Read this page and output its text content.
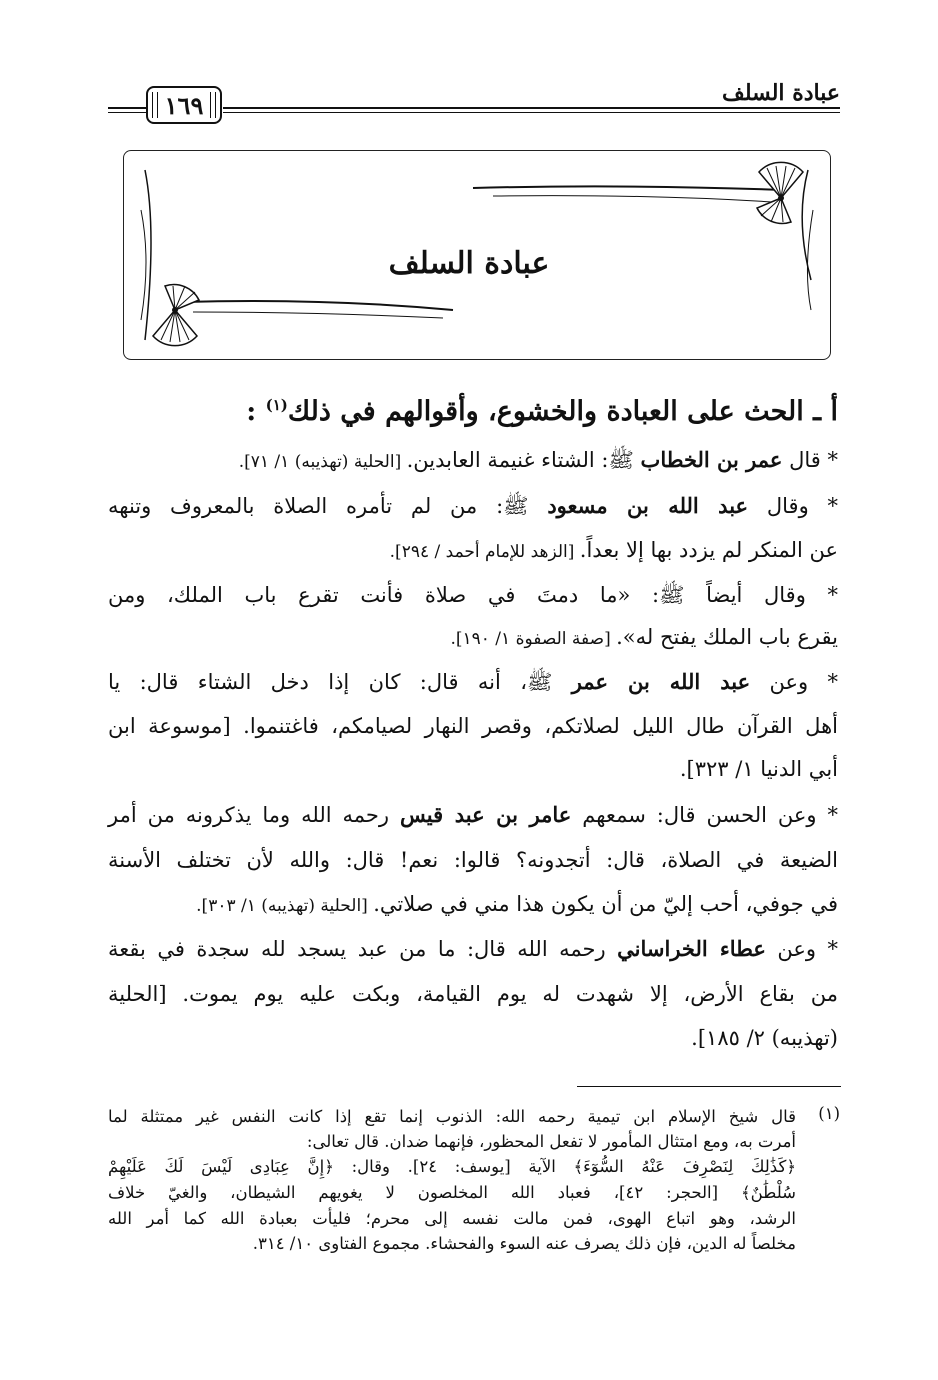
عبادة السلف
١٦٩
عبادة السلف
أ ـ الحث على العبادة والخشوع، وأقوالهم في ذلك$^{(١)}$ :
* قال عمر بن الخطاب ﷺ: الشتاء غنيمة العابدين. [الحلية (تهذيبه) ١/ ٧١].
* وقال عبد الله بن مسعود ﷺ: من لم تأمره الصلاة بالمعروف وتنهه
عن المنكر لم يزدد بها إلا بعداً. [الزهد للإمام أحمد / ٢٩٤].
* وقال أيضاً ﷺ: «ما دمتَ في صلاة فأنت تقرع باب الملك، ومن
يقرع باب الملك يفتح له». [صفة الصفوة ١/ ١٩٠].
* وعن عبد الله بن عمر ﷺ، أنه قال: كان إذا دخل الشتاء قال: يا
أهل القرآن طال الليل لصلاتكم، وقصر النهار لصيامكم، فاغتنموا. [موسوعة ابن
أبي الدنيا ١/ ٣٢٣].
* وعن الحسن قال: سمعهم عامر بن عبد قيس رحمه الله وما يذكرونه من أمر
الضيعة في الصلاة، قال: أتجدونه؟ قالوا: نعم! قال: والله لأن تختلف الأسنة
في جوفي، أحب إليّ من أن يكون هذا مني في صلاتي. [الحلية (تهذيبه) ١/ ٣٠٣].
* وعن عطاء الخراساني رحمه الله قال: ما من عبد يسجد لله سجدة في بقعة
من بقاع الأرض، إلا شهدت له يوم القيامة، وبكت عليه يوم يموت. [الحلية
(تهذيبه) ٢/ ١٨٥].
(١)
قال شيخ الإسلام ابن تيمية رحمه الله: الذنوب إنما تقع إذا كانت النفس غير ممتثلة لما
أمرت به، ومع امتثال المأمور لا تفعل المحظور، فإنهما ضدان. قال تعالى:
﴿كَذَٰلِكَ لِنَصْرِفَ عَنْهُ السُّوٓءَ﴾ الآية [يوسف: ٢٤]. وقال: ﴿إِنَّ عِبَادِى لَيْسَ لَكَ عَلَيْهِمْ
سُلْطَٰنٌ﴾ [الحجر: ٤٢]، فعباد الله المخلصون لا يغويهم الشيطان، والغيّ خلاف
الرشد، وهو اتباع الهوى، فمن مالت نفسه إلى محرم؛ فليأت بعبادة الله كما أمر الله
مخلصاً له الدين، فإن ذلك يصرف عنه السوء والفحشاء. مجموع الفتاوى ١٠/ ٣١٤.
